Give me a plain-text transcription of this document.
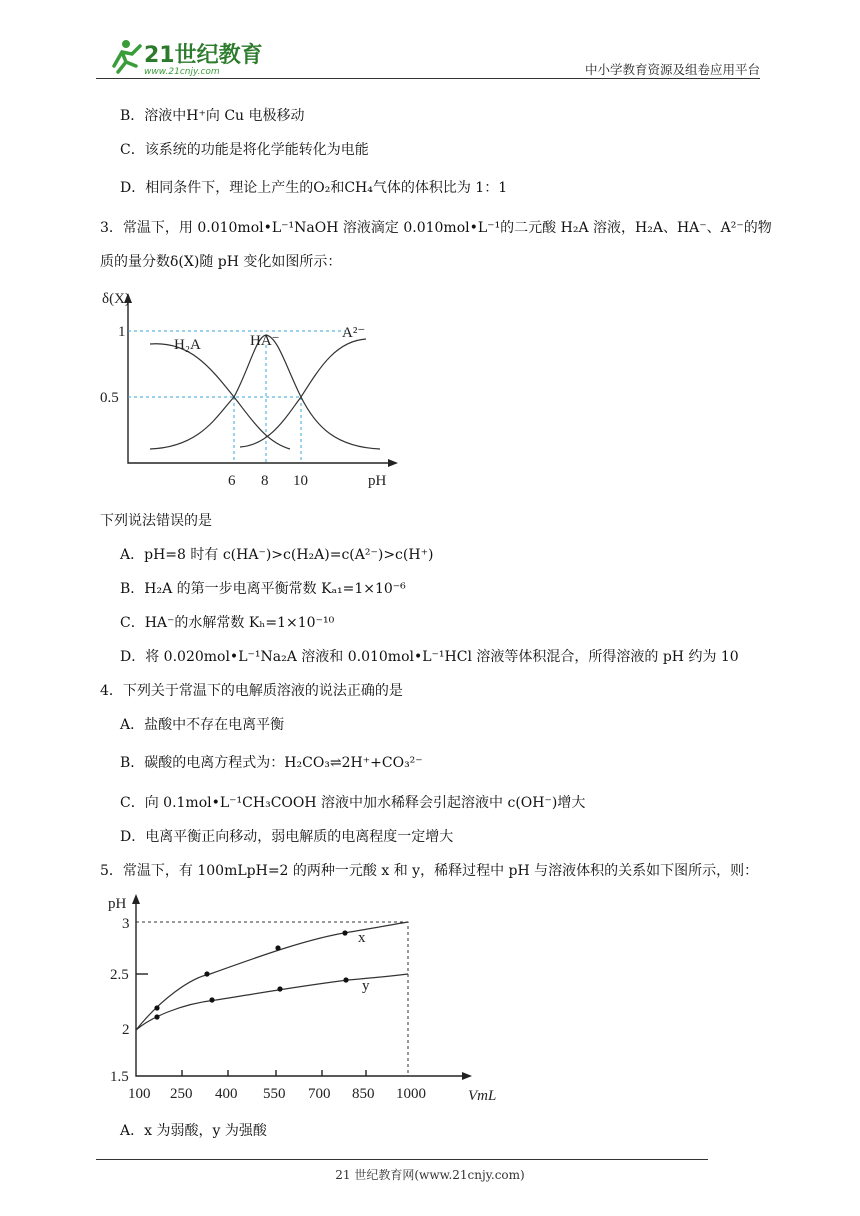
21世纪教育
www.21cnjy.com	中小学教育资源及组卷应用平台
B．溶液中H⁺向 Cu 电极移动
C．该系统的功能是将化学能转化为电能
D．相同条件下，理论上产生的O₂和CH₄气体的体积比为 1：1
3．常温下，用 0.010mol•L⁻¹NaOH 溶液滴定 0.010mol•L⁻¹的二元酸 H₂A 溶液，H₂A、HA⁻、A²⁻的物
质的量分数δ(X)随 pH 变化如图所示：
δ(X)
1
0.5
6 8 10	pH
H₂A	HA⁻	A²⁻
下列说法错误的是
A．pH=8 时有 c(HA⁻)>c(H₂A)=c(A²⁻)>c(H⁺)
B．H₂A 的第一步电离平衡常数 Kₐ₁=1×10⁻⁶
C．HA⁻的水解常数 Kₕ=1×10⁻¹⁰
D．将 0.020mol•L⁻¹Na₂A 溶液和 0.010mol•L⁻¹HCl 溶液等体积混合，所得溶液的 pH 约为 10
4．下列关于常温下的电解质溶液的说法正确的是
A．盐酸中不存在电离平衡
B．碳酸的电离方程式为：H₂CO₃⇌2H⁺+CO₃²⁻
C．向 0.1mol•L⁻¹CH₃COOH 溶液中加水稀释会引起溶液中 c(OH⁻)增大
D．电离平衡正向移动，弱电解质的电离程度一定增大
5．常温下，有 100mLpH=2 的两种一元酸 x 和 y，稀释过程中 pH 与溶液体积的关系如下图所示，则：
pH
3
2.5
2
1.5
100 250 400 550 700 850 1000	VmL
x
y
A．x 为弱酸，y 为强酸
21 世纪教育网(www.21cnjy.com)
